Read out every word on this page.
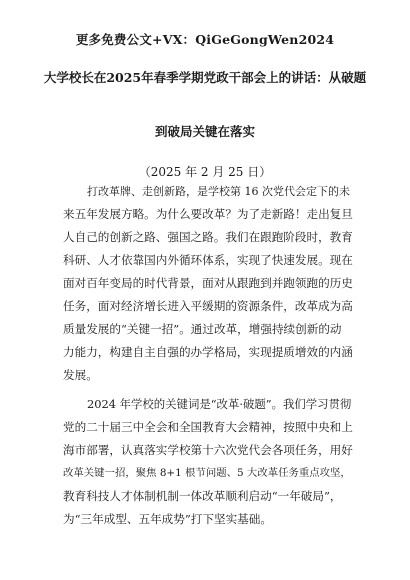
更多免费公文+VX：QiGeGongWen2024
大学校长在2025年春季学期党政干部会上的讲话：从破题
到破局关键在落实
（2025 年 2 月 25 日）
打改革牌、走创新路，是学校第 16 次党代会定下的未
来五年发展方略。为什么要改革？为了走新路！走出复旦
人自己的创新之路、强国之路。我们在跟跑阶段时，教育
科研、人才依靠国内外循环体系，实现了快速发展。现在
面对百年变局的时代背景，面对从跟跑到并跑领跑的历史
任务，面对经济增长进入平缓期的资源条件，改革成为高
质量发展的“关键一招”。通过改革，增强持续创新的动
力能力，构建自主自强的办学格局，实现提质增效的内涵
发展。
2024 年学校的关键词是“改革·破题”。我们学习贯彻
党的二十届三中全会和全国教育大会精神，按照中央和上
海市部署，认真落实学校第十六次党代会各项任务，用好
改革关键一招，聚焦 8+1 根节问题、5 大改革任务重点攻坚，
教育科技人才体制机制一体改革顺利启动“一年破局”，
为“三年成型、五年成势”打下坚实基础。
